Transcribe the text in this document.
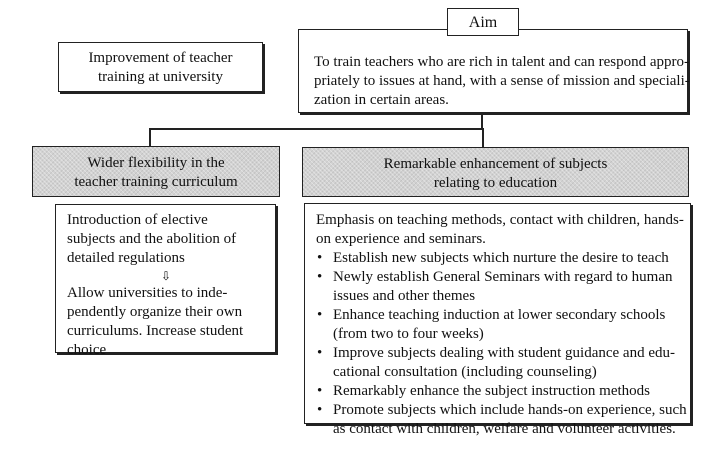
Improvement of teacher
training at university
To train teachers who are rich in talent and can respond appro-
priately to issues at hand, with a sense of mission and speciali-
zation in certain areas.
Aim
Wider flexibility in the
teacher training curriculum
Introduction of elective
subjects and the abolition of
detailed regulations
⇩
Allow universities to inde-
pendently organize their own
curriculums. Increase student
choice
Remarkable enhancement of subjects
relating to education
Emphasis on teaching methods, contact with children, hands-
on experience and seminars.
• Establish new subjects which nurture the desire to teach
• Newly establish General Seminars with regard to human
issues and other themes
• Enhance teaching induction at lower secondary schools
(from two to four weeks)
• Improve subjects dealing with student guidance and edu-
cational consultation (including counseling)
• Remarkably enhance the subject instruction methods
• Promote subjects which include hands-on experience, such
as contact with children, welfare and volunteer activities.
